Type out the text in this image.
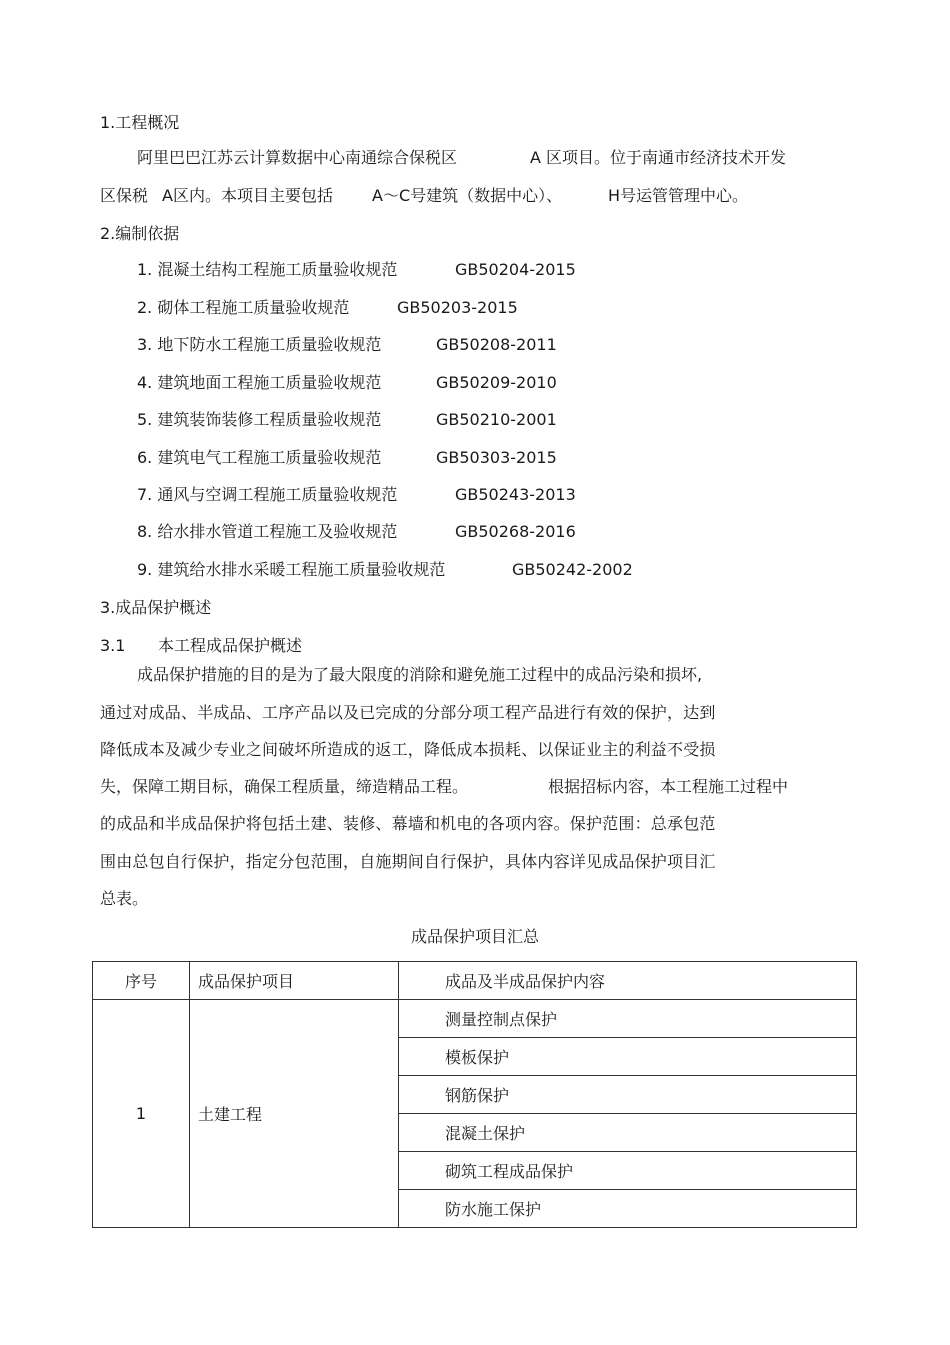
1.工程概况
阿里巴巴江苏云计算数据中心南通综合保税区	A 区项目。位于南通市经济技术开发
区保税 A区内。本项目主要包括 A～C号建筑（数据中心）、	H号运管管理中心。
2.编制依据
1. 混凝土结构工程施工质量验收规范	GB50204-2015
2. 砌体工程施工质量验收规范	GB50203-2015
3. 地下防水工程施工质量验收规范	GB50208-2011
4. 建筑地面工程施工质量验收规范	GB50209-2010
5. 建筑装饰装修工程质量验收规范	GB50210-2001
6. 建筑电气工程施工质量验收规范	GB50303-2015
7. 通风与空调工程施工质量验收规范	GB50243-2013
8. 给水排水管道工程施工及验收规范	GB50268-2016
9. 建筑给水排水采暖工程施工质量验收规范	GB50242-2002
3.成品保护概述
3.1 本工程成品保护概述
成品保护措施的目的是为了最大限度的消除和避免施工过程中的成品污染和损坏,
通过对成品、半成品、工序产品以及已完成的分部分项工程产品进行有效的保护，达到
降低成本及减少专业之间破坏所造成的返工，降低成本损耗、以保证业主的利益不受损
失，保障工期目标，确保工程质量，缔造精品工程。	根据招标内容，本工程施工过程中
的成品和半成品保护将包括土建、装修、幕墙和机电的各项内容。保护范围：总承包范
围由总包自行保护，指定分包范围，自施期间自行保护，具体内容详见成品保护项目汇
总表。
成品保护项目汇总
序号	成品保护项目	成品及半成品保护内容
1	土建工程	测量控制点保护
		模板保护
		钢筋保护
		混凝土保护
		砌筑工程成品保护
		防水施工保护
